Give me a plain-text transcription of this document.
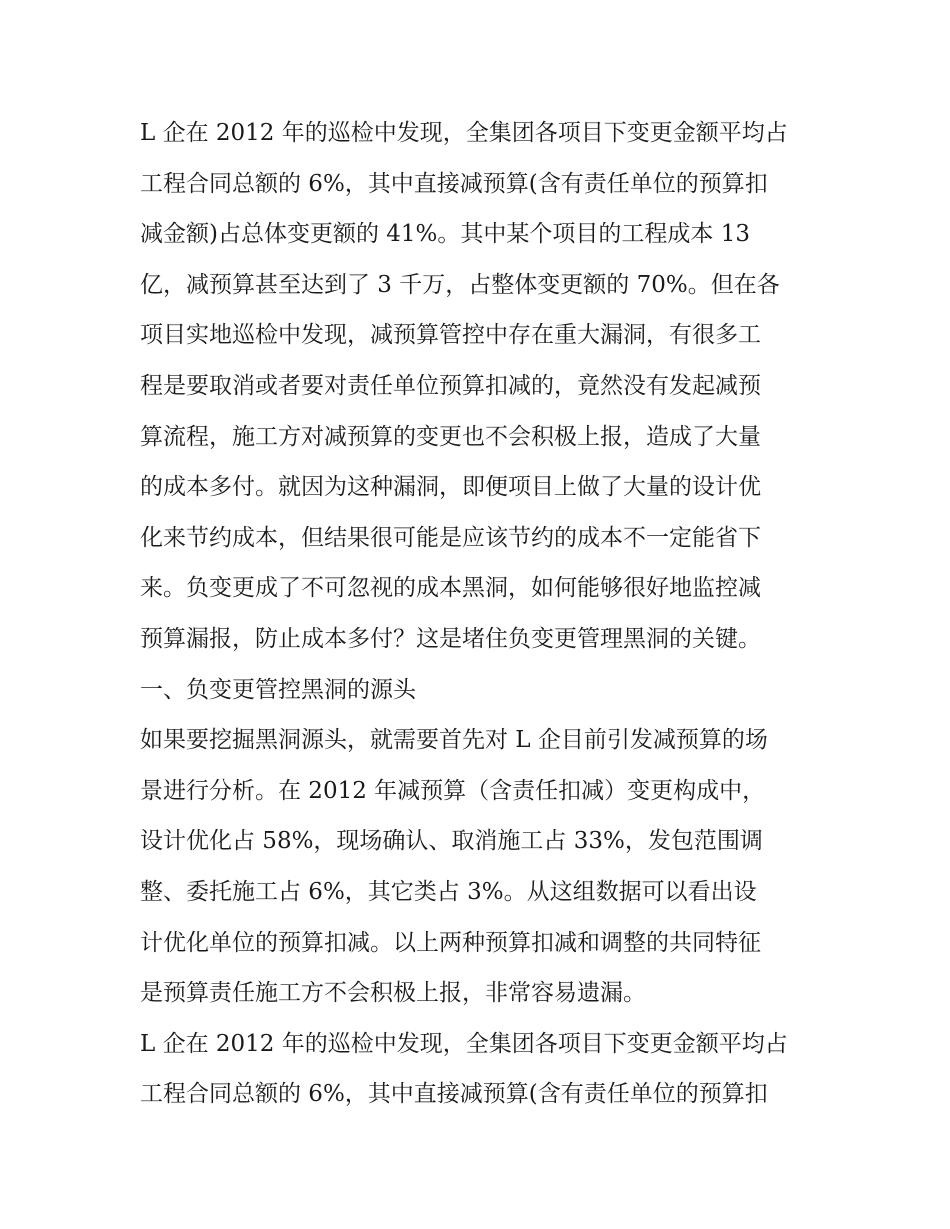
L 企在 2012 年的巡检中发现，全集团各项目下变更金额平均占
工程合同总额的 6%，其中直接减预算(含有责任单位的预算扣
减金额)占总体变更额的 41%。其中某个项目的工程成本 13
亿，减预算甚至达到了 3 千万，占整体变更额的 70%。但在各
项目实地巡检中发现，减预算管控中存在重大漏洞，有很多工
程是要取消或者要对责任单位预算扣减的，竟然没有发起减预
算流程，施工方对减预算的变更也不会积极上报，造成了大量
的成本多付。就因为这种漏洞，即便项目上做了大量的设计优
化来节约成本，但结果很可能是应该节约的成本不一定能省下
来。负变更成了不可忽视的成本黑洞，如何能够很好地监控减
预算漏报，防止成本多付？这是堵住负变更管理黑洞的关键。
一、负变更管控黑洞的源头
如果要挖掘黑洞源头，就需要首先对 L 企目前引发减预算的场
景进行分析。在 2012 年减预算（含责任扣减）变更构成中，
设计优化占 58%，现场确认、取消施工占 33%，发包范围调
整、委托施工占 6%，其它类占 3%。从这组数据可以看出设
计优化单位的预算扣减。以上两种预算扣减和调整的共同特征
是预算责任施工方不会积极上报，非常容易遗漏。
L 企在 2012 年的巡检中发现，全集团各项目下变更金额平均占
工程合同总额的 6%，其中直接减预算(含有责任单位的预算扣
